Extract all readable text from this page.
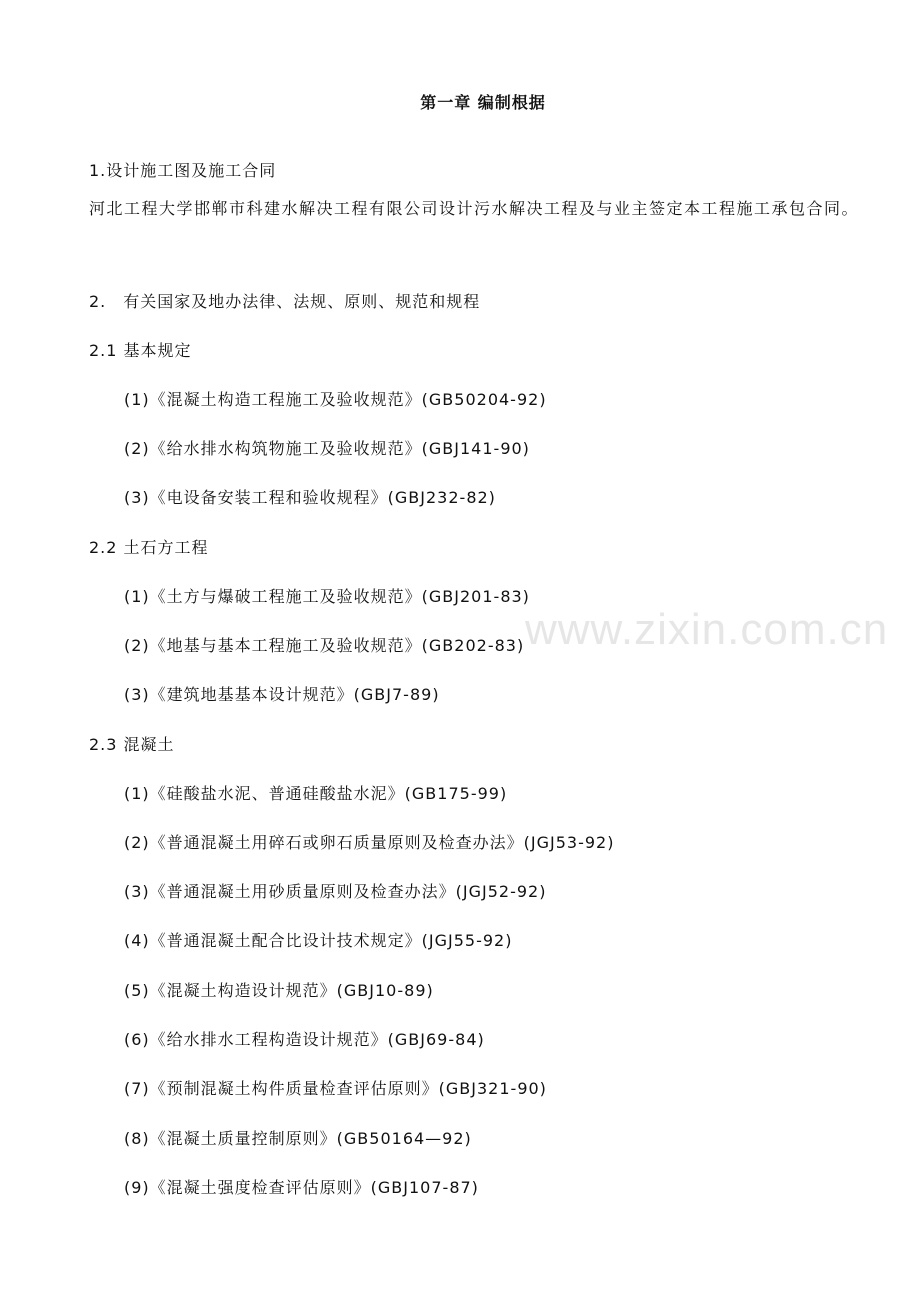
www.zixin.com.cn
第一章 编制根据
1.设计施工图及施工合同
河北工程大学邯郸市科建水解决工程有限公司设计污水解决工程及与业主签定本工程施工承包合同。
2.　有关国家及地办法律、法规、原则、规范和规程
2.1 基本规定
(1)《混凝土构造工程施工及验收规范》(GB50204-92)
(2)《给水排水构筑物施工及验收规范》(GBJ141-90)
(3)《电设备安装工程和验收规程》(GBJ232-82)
2.2 土石方工程
(1)《土方与爆破工程施工及验收规范》(GBJ201-83)
(2)《地基与基本工程施工及验收规范》(GB202-83)
(3)《建筑地基基本设计规范》(GBJ7-89)
2.3 混凝土
(1)《硅酸盐水泥、普通硅酸盐水泥》(GB175-99)
(2)《普通混凝土用碎石或卵石质量原则及检查办法》(JGJ53-92)
(3)《普通混凝土用砂质量原则及检查办法》(JGJ52-92)
(4)《普通混凝土配合比设计技术规定》(JGJ55-92)
(5)《混凝土构造设计规范》(GBJ10-89)
(6)《给水排水工程构造设计规范》(GBJ69-84)
(7)《预制混凝土构件质量检查评估原则》(GBJ321-90)
(8)《混凝土质量控制原则》(GB50164—92)
(9)《混凝土强度检查评估原则》(GBJ107-87)
